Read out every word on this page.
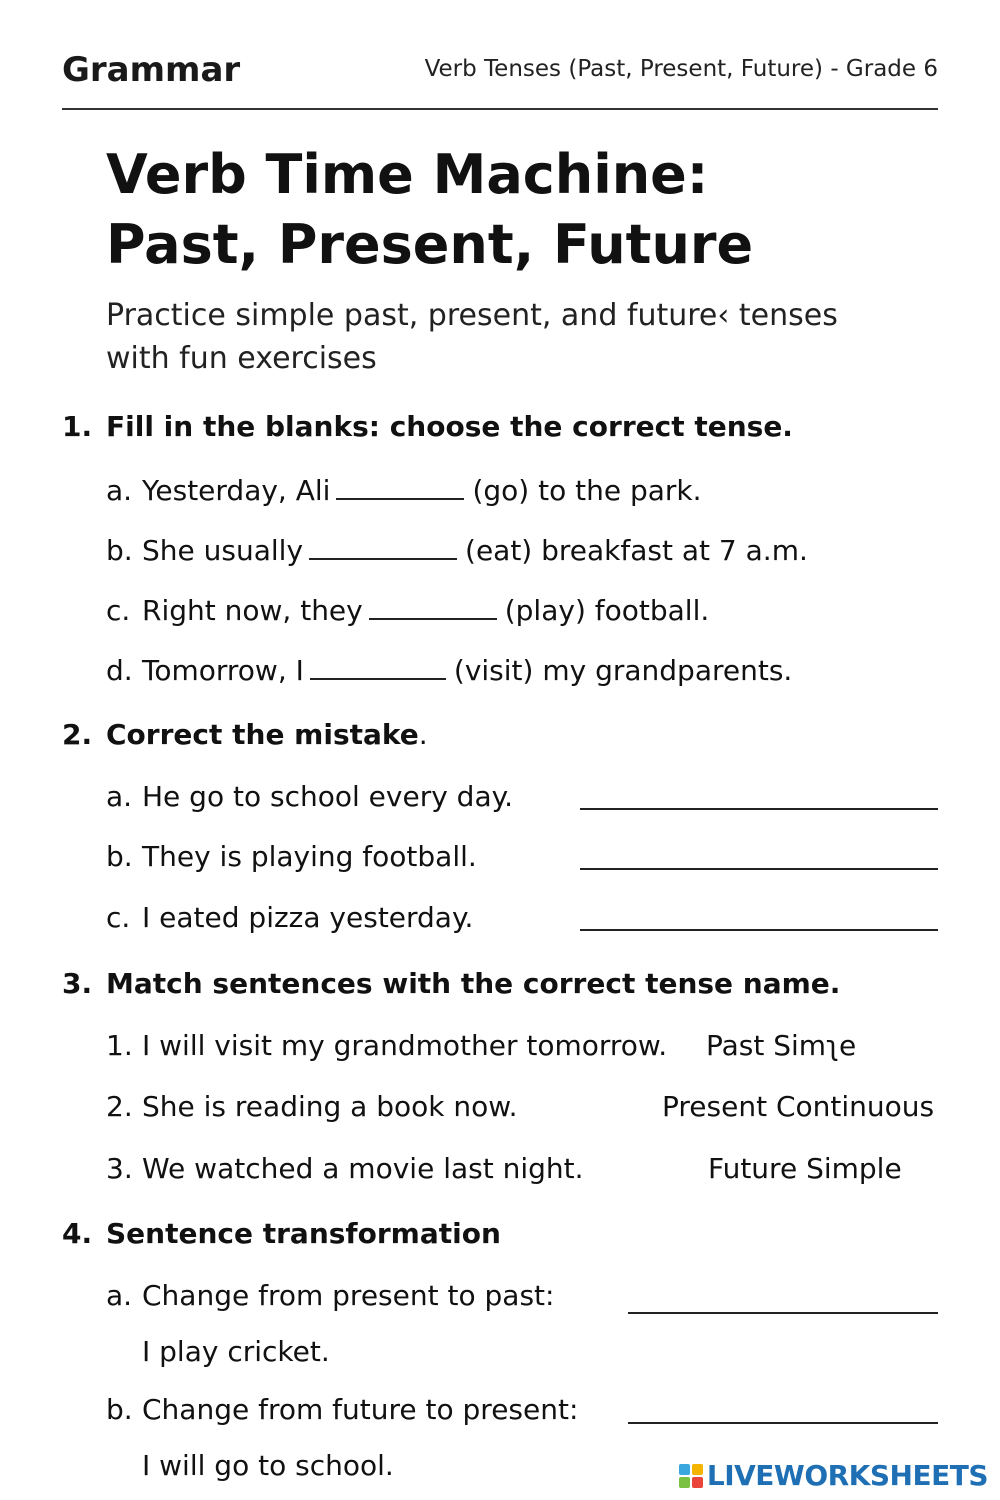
Grammar	Verb Tenses (Past, Present, Future) - Grade 6
Verb Time Machine:
Past, Present, Future
Practice simple past, present, and future‹ tenses
with fun exercises
1. Fill in the blanks: choose the correct tense.
a. Yesterday, Ali	(go) to the park.
b. She usually	(eat) breakfast at 7 a.m.
c. Right now, they	(play) football.
d. Tomorrow, I	(visit) my grandparents.
2. Correct the mistake.
a. He go to school every day.
b. They is playing football.
c. I eated pizza yesterday.
3. Match sentences with the correct tense name.
1. I will visit my grandmother tomorrow. Past Simʅe
2. She is reading a book now.	Present Continuous
3. We watched a movie last night.	Future Simple
4. Sentence transformation
a. Change from present to past:
I play cricket.
b. Change from future to present:
I will go to school.	LIVEWORKSHEETS
